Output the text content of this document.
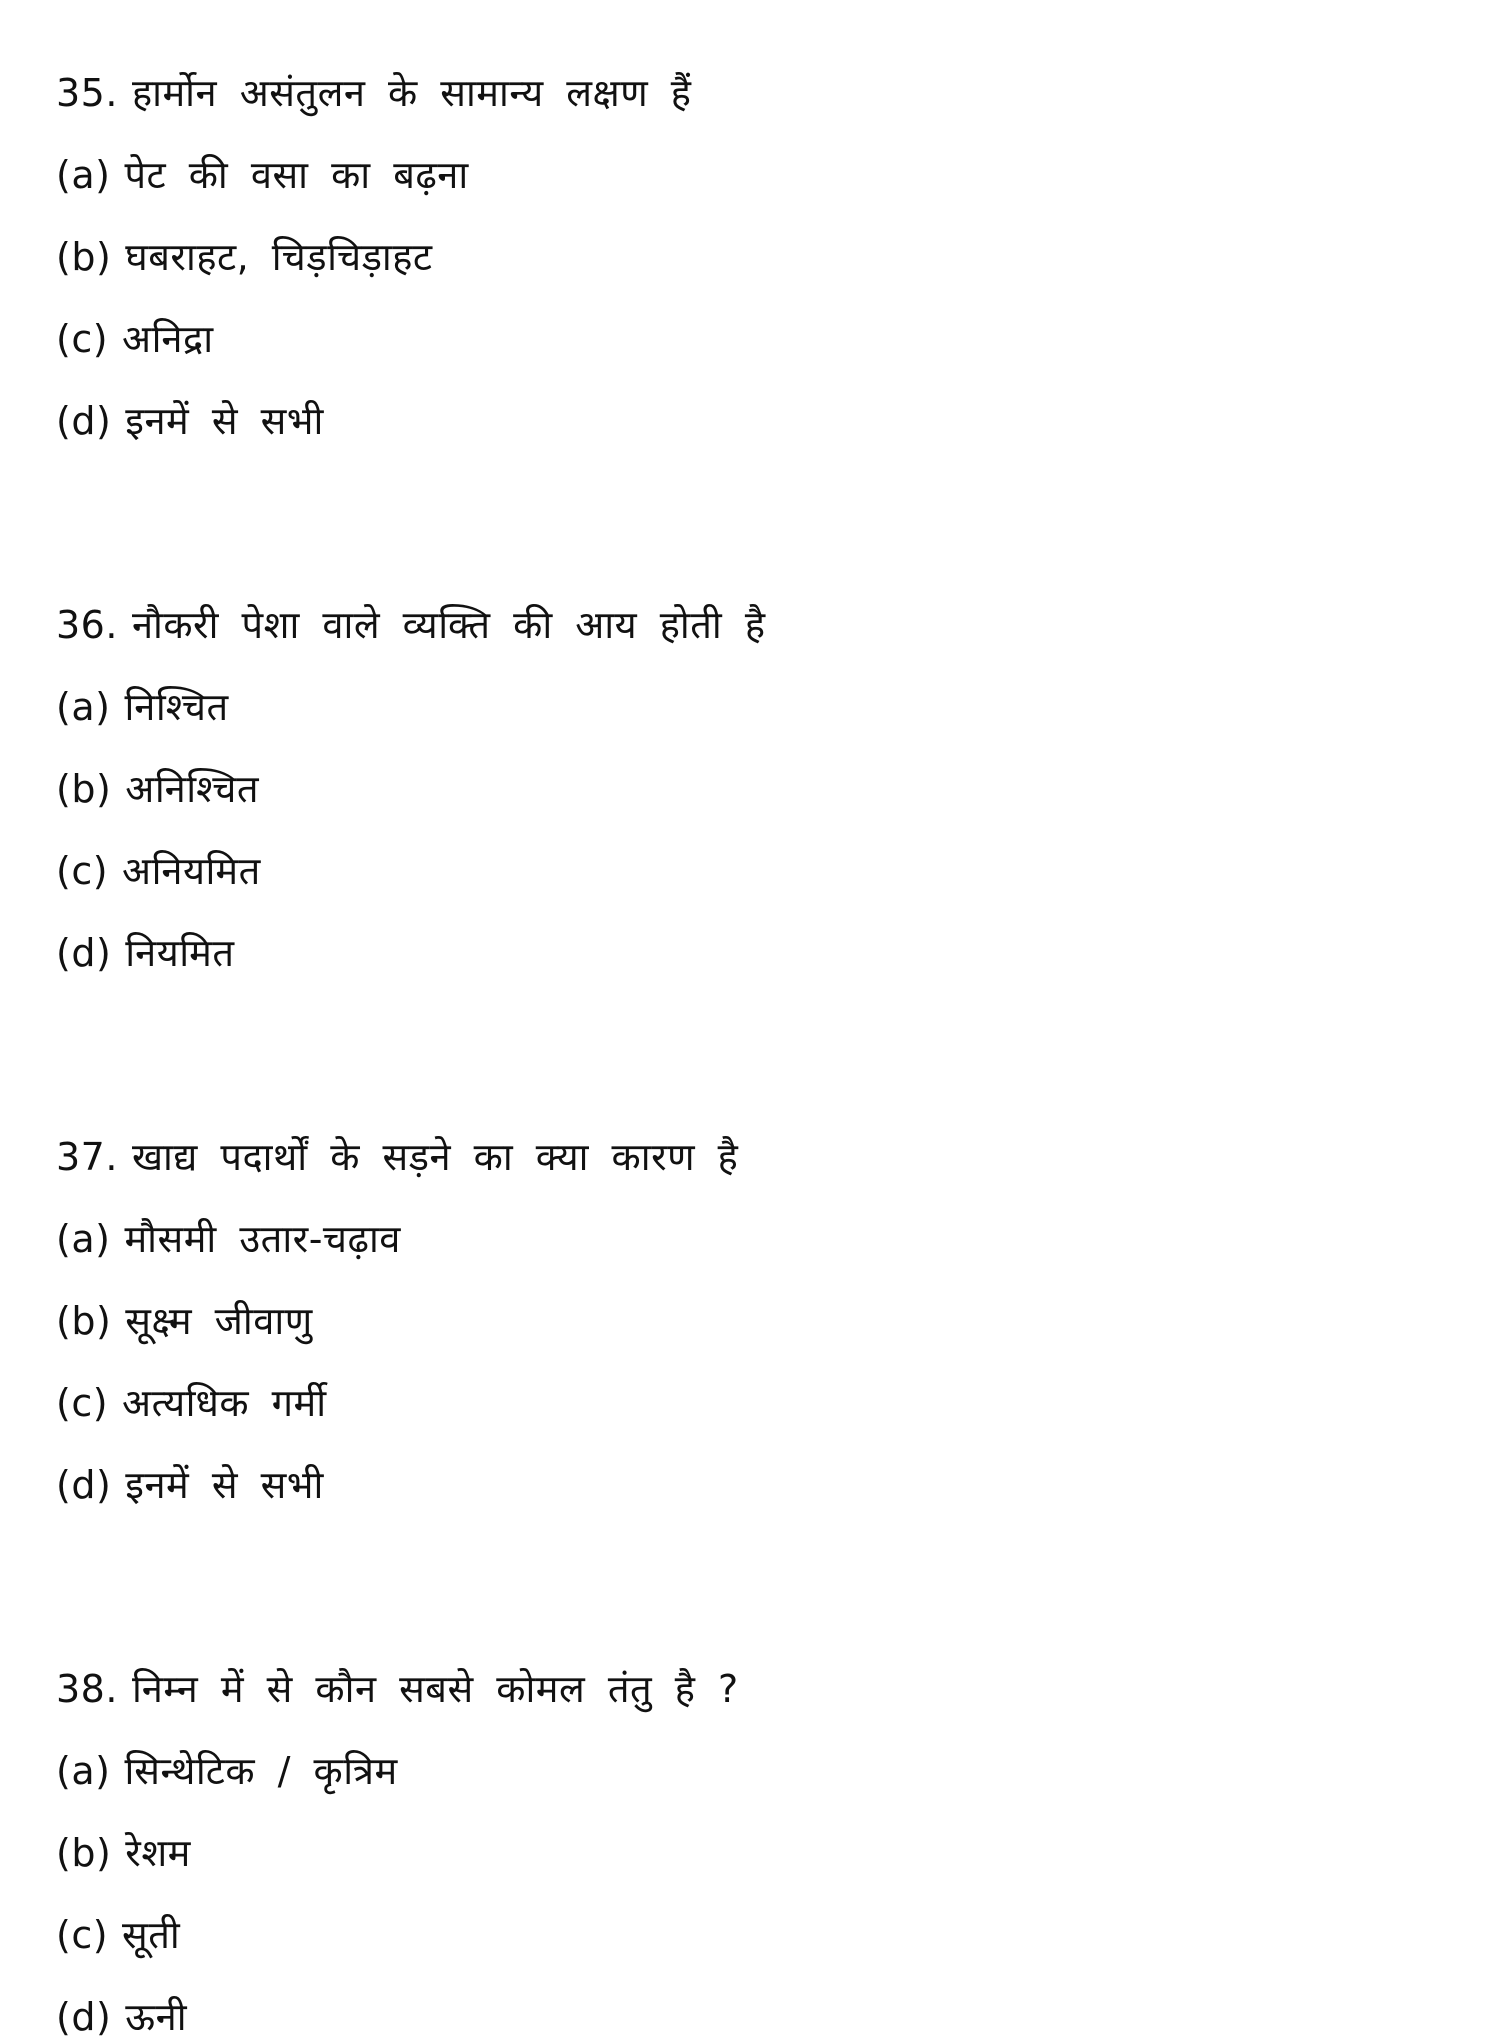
35. हार्मोन असंतुलन के सामान्य लक्षण हैं
(a) पेट की वसा का बढ़ना
(b) घबराहट, चिड़चिड़ाहट
(c) अनिद्रा
(d) इनमें से सभी
36. नौकरी पेशा वाले व्यक्ति की आय होती है
(a) निश्चित
(b) अनिश्चित
(c) अनियमित
(d) नियमित
37. खाद्य पदार्थों के सड़ने का क्या कारण है
(a) मौसमी उतार-चढ़ाव
(b) सूक्ष्म जीवाणु
(c) अत्यधिक गर्मी
(d) इनमें से सभी
38. निम्न में से कौन सबसे कोमल तंतु है ?
(a) सिन्थेटिक / कृत्रिम
(b) रेशम
(c) सूती
(d) ऊनी
